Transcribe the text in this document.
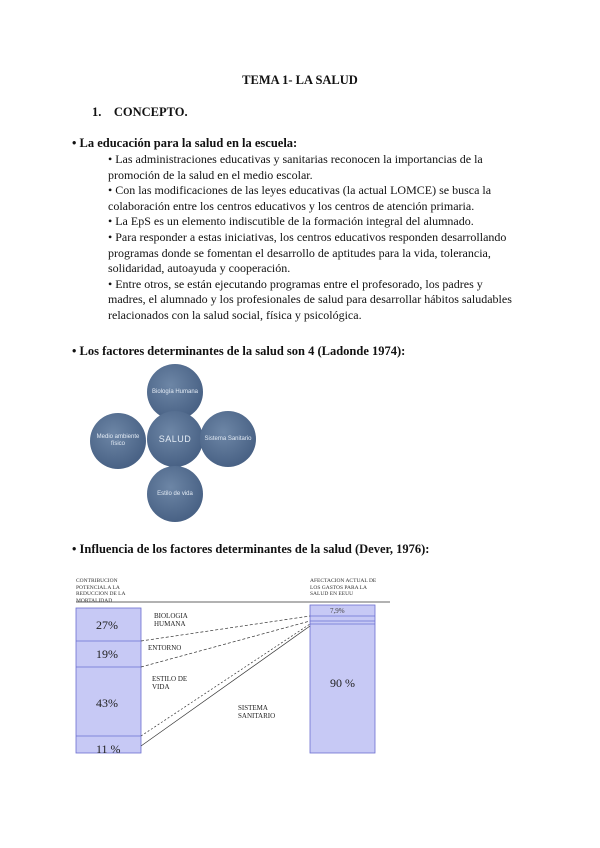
TEMA 1- LA SALUD
1. CONCEPTO.
• La educación para la salud en la escuela:

• Las administraciones educativas y sanitarias reconocen la importancias de la promoción de la salud en el medio escolar.

• Con las modificaciones de las leyes educativas (la actual LOMCE) se busca la colaboración entre los centros educativos y los centros de atención primaria.

• La EpS es un elemento indiscutible de la formación integral del alumnado.

• Para responder a estas iniciativas, los centros educativos responden desarrollando programas donde se fomentan el desarrollo de aptitudes para la vida, tolerancia, solidaridad, autoayuda y cooperación.

• Entre otros, se están ejecutando programas entre el profesorado, los padres y madres, el alumnado y los profesionales de salud para desarrollar hábitos saludables relacionados con la salud social, física y psicológica.

• Los factores determinantes de la salud son 4 (Ladonde 1974):
Biología Humana
SALUD
Medio ambiente físico
Sistema Sanitario
Estilo de vida
• Influencia de los factores determinantes de la salud (Dever, 1976):
CONTRIBUCION POTENCIAL A LA REDUCCION DE LA MORTALIDAD
AFECTACION ACTUAL DE LOS GASTOS PARA LA SALUD EN EEUU
27%
19%
43%
11 %
7,9%
90 %
BIOLOGIA HUMANA
ENTORNO
ESTILO DE VIDA
SISTEMA SANITARIO
